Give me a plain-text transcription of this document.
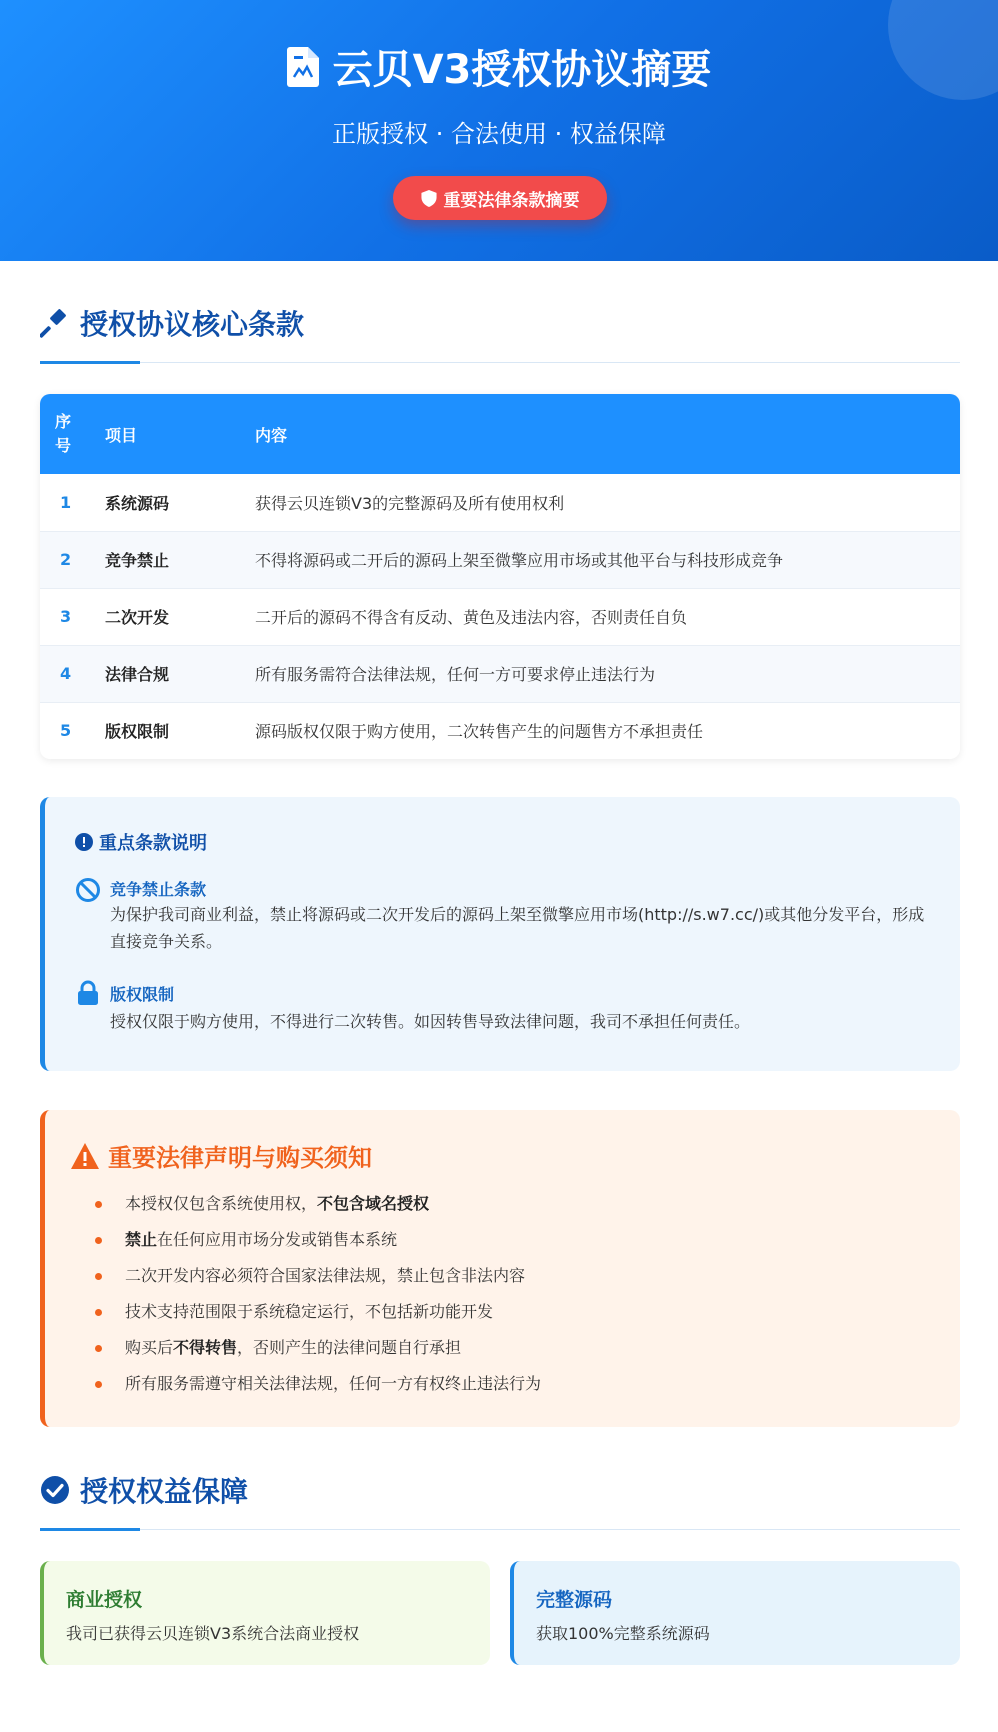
云贝V3授权协议摘要
正版授权 · 合法使用 · 权益保障
重要法律条款摘要
授权协议核心条款
序
号	项目	内容
1	系统源码	获得云贝连锁V3的完整源码及所有使用权利
2	竞争禁止	不得将源码或二开后的源码上架至微擎应用市场或其他平台与科技形成竞争
3	二次开发	二开后的源码不得含有反动、黄色及违法内容，否则责任自负
4	法律合规	所有服务需符合法律法规，任何一方可要求停止违法行为
5	版权限制	源码版权仅限于购方使用，二次转售产生的问题售方不承担责任
重点条款说明
竞争禁止条款
为保护我司商业利益，禁止将源码或二次开发后的源码上架至微擎应用市场(http://s.w7.cc/)或其他分发平台，形成直接竞争关系。
版权限制
授权仅限于购方使用，不得进行二次转售。如因转售导致法律问题，我司不承担任何责任。
重要法律声明与购买须知
本授权仅包含系统使用权，不包含域名授权
禁止在任何应用市场分发或销售本系统
二次开发内容必须符合国家法律法规，禁止包含非法内容
技术支持范围限于系统稳定运行，不包括新功能开发
购买后不得转售，否则产生的法律问题自行承担
所有服务需遵守相关法律法规，任何一方有权终止违法行为
授权权益保障
商业授权
我司已获得云贝连锁V3系统合法商业授权
完整源码
获取100%完整系统源码
